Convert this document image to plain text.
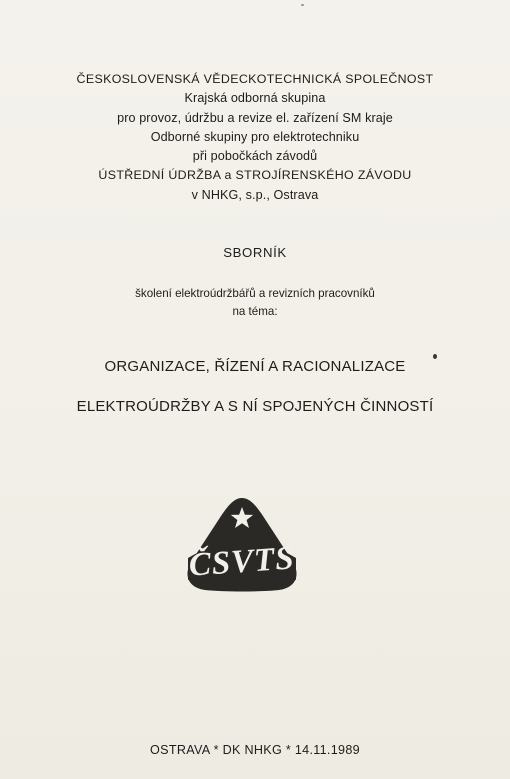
ČESKOSLOVENSKÁ VĚDECKOTECHNICKÁ SPOLEČNOST
Krajská odborná skupina
pro provoz, údržbu a revize el. zařízení SM kraje
Odborné skupiny pro elektrotechniku
při pobočkách závodů
ÚSTŘEDNÍ ÚDRŽBA a STROJÍRENSKÉHO ZÁVODU
v NHKG, s.p., Ostrava
SBORNÍK
školení elektroúdržbářů a revizních pracovníků
na téma:
ORGANIZACE, ŘÍZENÍ A RACIONALIZACE
ELEKTROÚDRŽBY A S NÍ SPOJENÝCH ČINNOSTÍ
ČSVTS
OSTRAVA * DK NHKG * 14.11.1989
